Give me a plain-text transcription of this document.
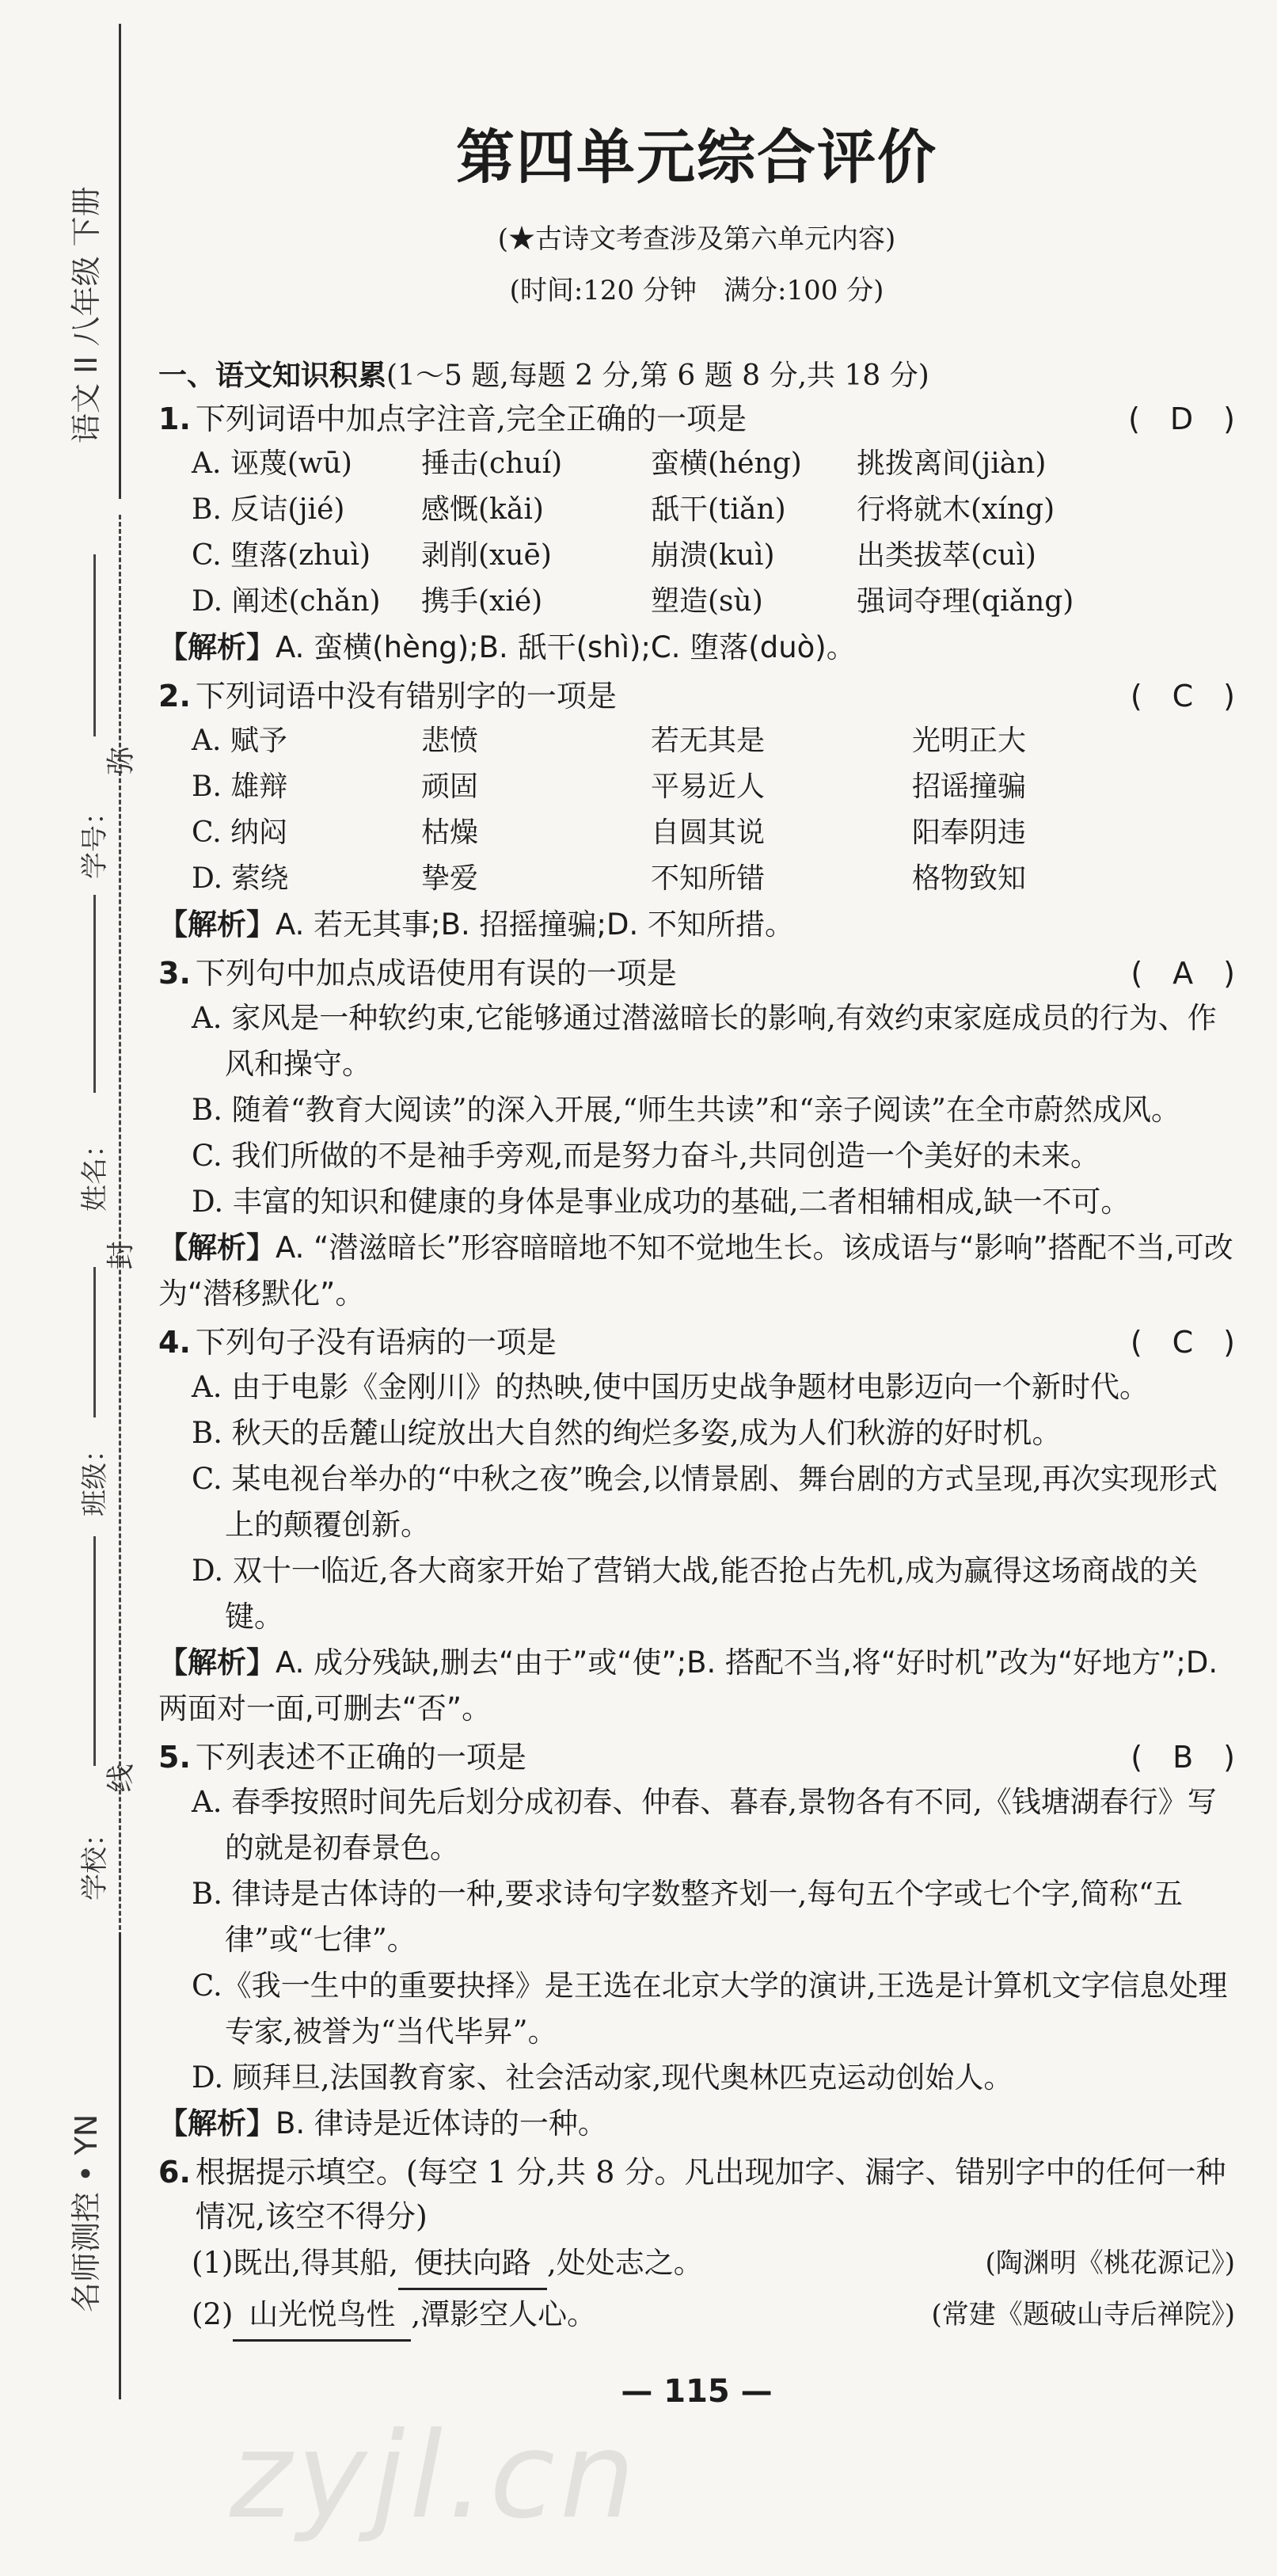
语文 II 八年级 下册
学号：
弥
姓名：
封
班级：
线
学校：
名师测控 • YN
第四单元综合评价
(★古诗文考查涉及第六单元内容)
(时间:120 分钟　满分:100 分)
一、语文知识积累(1～5 题,每题 2 分,第 6 题 8 分,共 18 分)
1. 下列词语中加点字注音,完全正确的一项是	(　D　)
A. 诬蔑(wū)	捶击(chuí)	蛮横(héng)	挑拨离间(jiàn)
B. 反诘(jié)	感慨(kǎi)	舐干(tiǎn)	行将就木(xíng)
C. 堕落(zhuì)	剥削(xuē)	崩溃(kuì)	出类拔萃(cuì)
D. 阐述(chǎn)	携手(xié)	塑造(sù)	强词夺理(qiǎng)
【解析】A. 蛮横(hèng);B. 舐干(shì);C. 堕落(duò)。
2. 下列词语中没有错别字的一项是	(　C　)
A. 赋予	悲愤	若无其是	光明正大
B. 雄辩	顽固	平易近人	招谣撞骗
C. 纳闷	枯燥	自圆其说	阳奉阴违
D. 萦绕	挚爱	不知所错	格物致知
【解析】A. 若无其事;B. 招摇撞骗;D. 不知所措。
3. 下列句中加点成语使用有误的一项是	(　A　)
A. 家风是一种软约束,它能够通过潜滋暗长的影响,有效约束家庭成员的行为、作风和操守。
B. 随着“教育大阅读”的深入开展,“师生共读”和“亲子阅读”在全市蔚然成风。
C. 我们所做的不是袖手旁观,而是努力奋斗,共同创造一个美好的未来。
D. 丰富的知识和健康的身体是事业成功的基础,二者相辅相成,缺一不可。
【解析】A. “潜滋暗长”形容暗暗地不知不觉地生长。该成语与“影响”搭配不当,可改为“潜移默化”。
4. 下列句子没有语病的一项是	(　C　)
A. 由于电影《金刚川》的热映,使中国历史战争题材电影迈向一个新时代。
B. 秋天的岳麓山绽放出大自然的绚烂多姿,成为人们秋游的好时机。
C. 某电视台举办的“中秋之夜”晚会,以情景剧、舞台剧的方式呈现,再次实现形式上的颠覆创新。
D. 双十一临近,各大商家开始了营销大战,能否抢占先机,成为赢得这场商战的关键。
【解析】A. 成分残缺,删去“由于”或“使”;B. 搭配不当,将“好时机”改为“好地方”;D. 两面对一面,可删去“否”。
5. 下列表述不正确的一项是	(　B　)
A. 春季按照时间先后划分成初春、仲春、暮春,景物各有不同,《钱塘湖春行》写的就是初春景色。
B. 律诗是古体诗的一种,要求诗句字数整齐划一,每句五个字或七个字,简称“五律”或“七律”。
C.《我一生中的重要抉择》是王选在北京大学的演讲,王选是计算机文字信息处理专家,被誉为“当代毕昇”。
D. 顾拜旦,法国教育家、社会活动家,现代奥林匹克运动创始人。
【解析】B. 律诗是近体诗的一种。
6. 根据提示填空。(每空 1 分,共 8 分。凡出现加字、漏字、错别字中的任何一种情况,该空不得分)
(1)既出,得其船, 便扶向路 ,处处志之。	(陶渊明《桃花源记》)
(2) 山光悦鸟性 ,潭影空人心。	(常建《题破山寺后禅院》)
— 115 —
zyjl.cn
